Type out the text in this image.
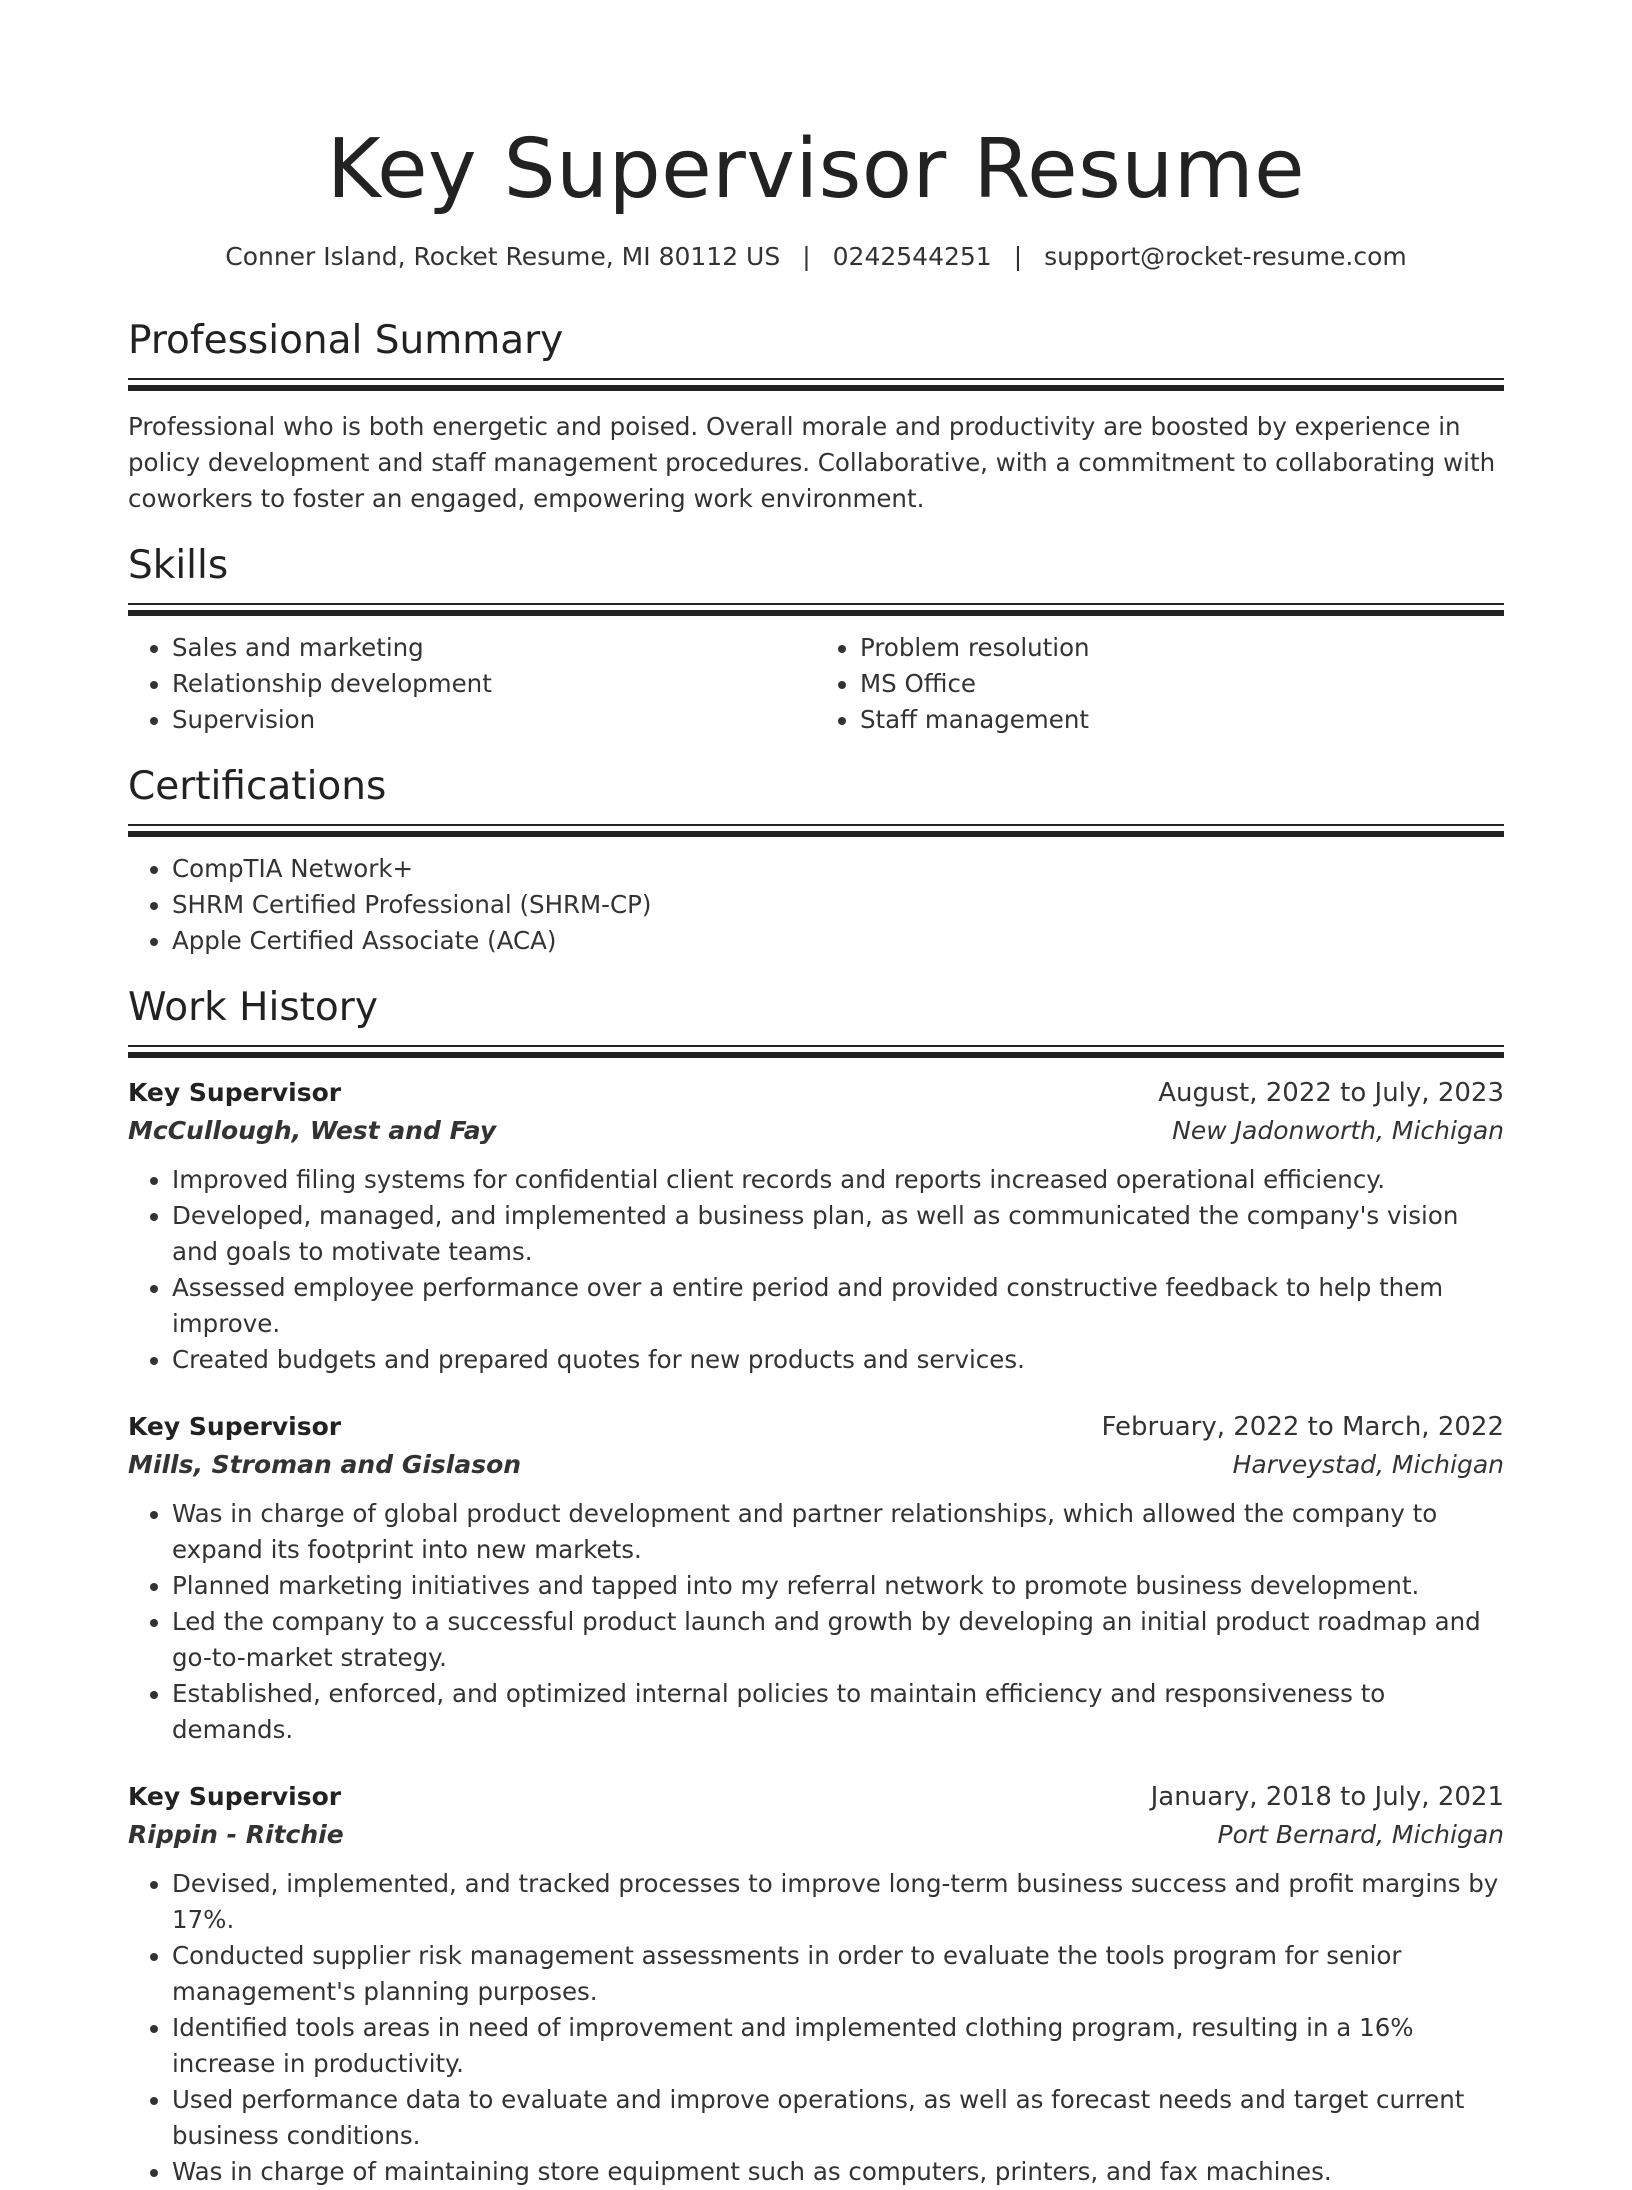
Key Supervisor Resume
Conner Island, Rocket Resume, MI 80112 US | 0242544251 | support@rocket-resume.com
Professional Summary

Professional who is both energetic and poised. Overall morale and productivity are boosted by experience in policy development and staff management procedures. Collaborative, with a commitment to collaborating with coworkers to foster an engaged, empowering work environment.

Skills
• Sales and marketing
• Relationship development
• Supervision
• Problem resolution
• MS Office
• Staff management
Certifications
• CompTIA Network+
• SHRM Certified Professional (SHRM-CP)
• Apple Certified Associate (ACA)
Work History
Key Supervisor	August, 2022 to July, 2023
McCullough, West and Fay	New Jadonworth, Michigan
• Improved filing systems for confidential client records and reports increased operational efficiency.
• Developed, managed, and implemented a business plan, as well as communicated the company's vision and goals to motivate teams.
• Assessed employee performance over a entire period and provided constructive feedback to help them improve.
• Created budgets and prepared quotes for new products and services.
Key Supervisor	February, 2022 to March, 2022
Mills, Stroman and Gislason	Harveystad, Michigan
• Was in charge of global product development and partner relationships, which allowed the company to expand its footprint into new markets.
• Planned marketing initiatives and tapped into my referral network to promote business development.
• Led the company to a successful product launch and growth by developing an initial product roadmap and go-to-market strategy.
• Established, enforced, and optimized internal policies to maintain efficiency and responsiveness to demands.
Key Supervisor	January, 2018 to July, 2021
Rippin - Ritchie	Port Bernard, Michigan
• Devised, implemented, and tracked processes to improve long-term business success and profit margins by 17%.
• Conducted supplier risk management assessments in order to evaluate the tools program for senior management's planning purposes.
• Identified tools areas in need of improvement and implemented clothing program, resulting in a 16% increase in productivity.
• Used performance data to evaluate and improve operations, as well as forecast needs and target current business conditions.
• Was in charge of maintaining store equipment such as computers, printers, and fax machines.
